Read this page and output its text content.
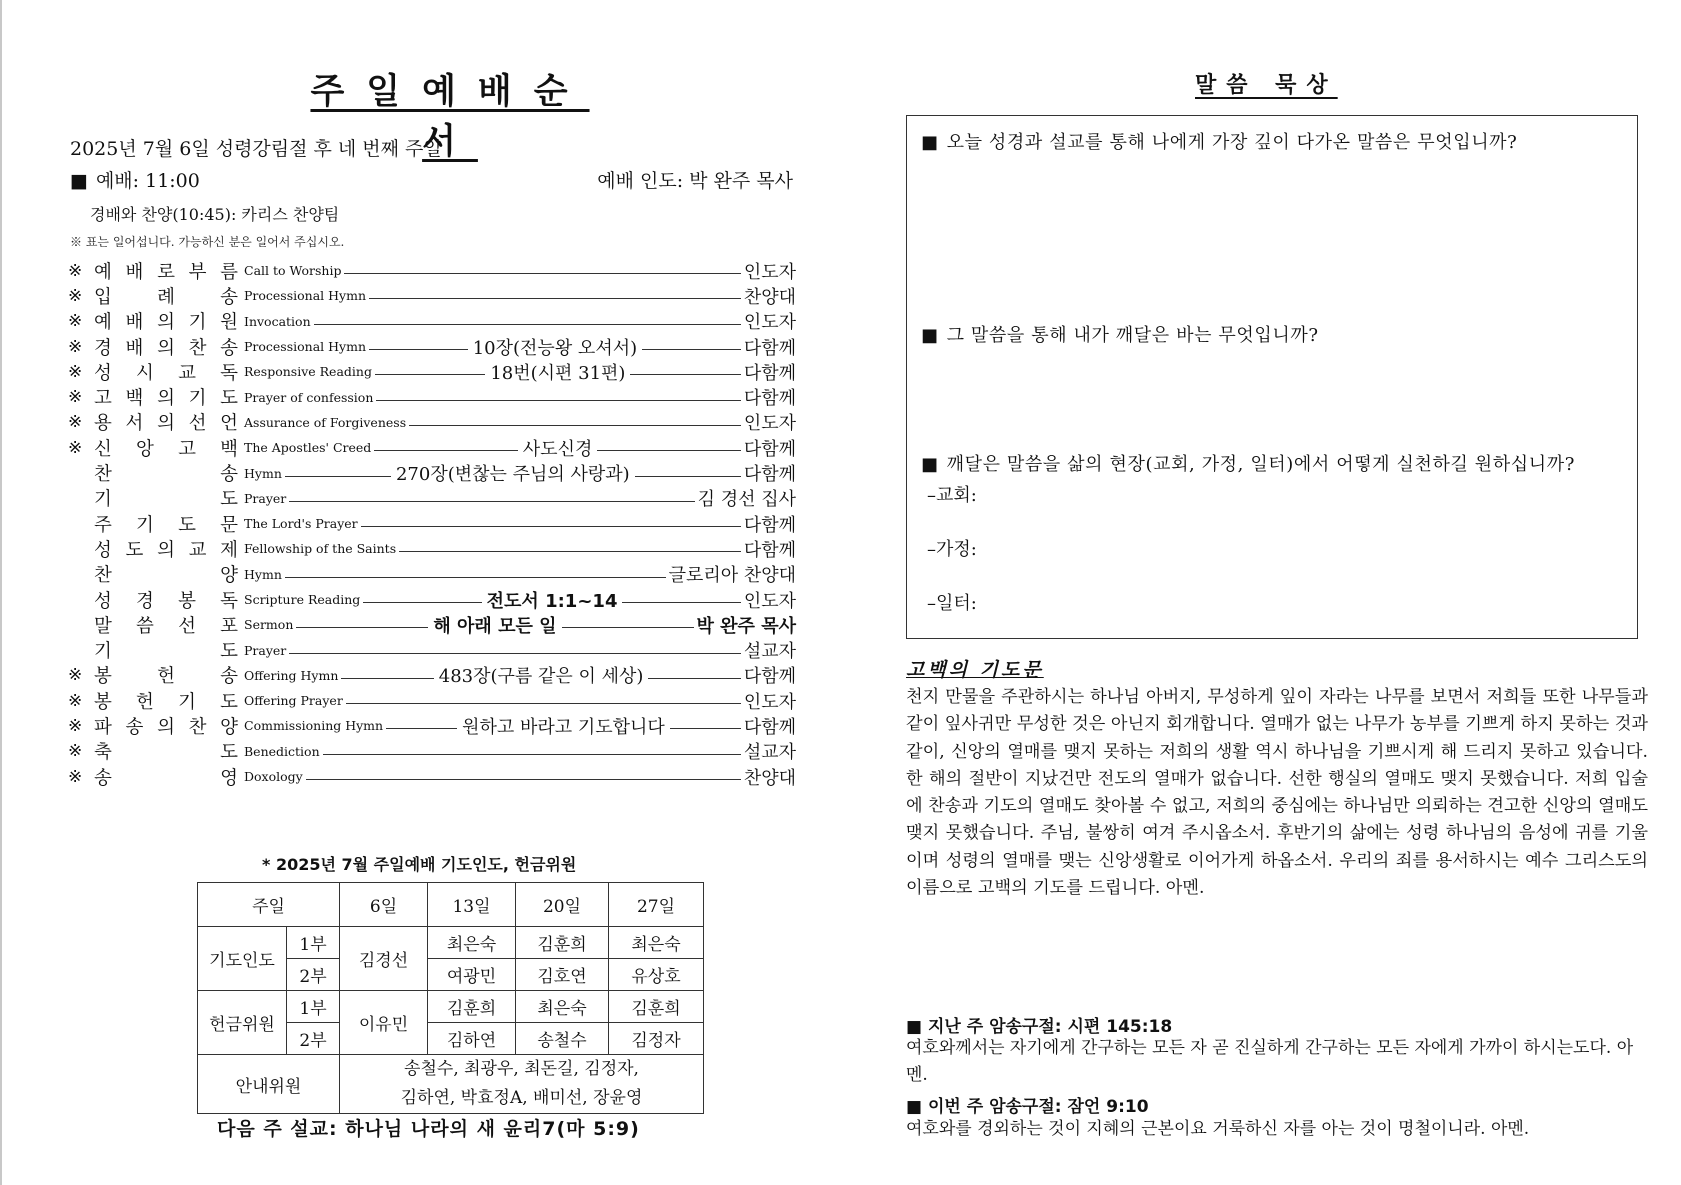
주일예배순서
2025년 7월 6일 성령강림절 후 네 번째 주일
■ 예배: 11:00	예배 인도: 박 완주 목사
경배와 찬양(10:45): 카리스 찬양팀
※ 표는 일어섭니다. 가능하신 분은 일어서 주십시오.
※ 예 배 로 부 름 Call to Worship	인도자
※ 입 례 송 Processional Hymn	찬양대
※ 예 배 의 기 원 Invocation	인도자
※ 경 배 의 찬 송 Processional Hymn	10장(전능왕 오셔서)	다함께
※ 성 시 교 독 Responsive Reading	18번(시편 31편)	다함께
※ 고 백 의 기 도 Prayer of confession	다함께
※ 용 서 의 선 언 Assurance of Forgiveness	인도자
※ 신 앙 고 백 The Apostles' Creed	사도신경	다함께
찬	송 Hymn	270장(변찮는 주님의 사랑과)	다함께
기	도 Prayer	김 경선 집사
주 기 도 문 The Lord's Prayer	다함께
성 도 의 교 제 Fellowship of the Saints	다함께
찬	양 Hymn	글로리아 찬양대
성 경 봉 독 Scripture Reading	전도서 1:1~14	인도자
말 씀 선 포 Sermon	해 아래 모든 일	박 완주 목사
기	도 Prayer	설교자
※ 봉 헌 송 Offering Hymn	483장(구름 같은 이 세상)	다함께
※ 봉 헌 기 도 Offering Prayer	인도자
※ 파 송 의 찬 양 Commissioning Hymn	원하고 바라고 기도합니다	다함께
※ 축	도 Benediction	설교자
※ 송	영 Doxology	찬양대
* 2025년 7월 주일예배 기도인도, 헌금위원
주일		6일	13일	20일	27일
기도인도	1부	김경선	최은숙	김훈희	최은숙
	2부		여광민	김호연	유상호
헌금위원	1부	이유민	김훈희	최은숙	김훈희
	2부		김하연	송철수	김정자
안내위원		송철수, 최광우, 최돈길, 김정자,
김하연, 박효정A, 배미선, 장윤영			
다음 주 설교: 하나님 나라의 새 윤리7(마 5:9)
말씀 묵상
■ 오늘 성경과 설교를 통해 나에게 가장 깊이 다가온 말씀은 무엇입니까?
■ 그 말씀을 통해 내가 깨달은 바는 무엇입니까?
■ 깨달은 말씀을 삶의 현장(교회, 가정, 일터)에서 어떻게 실천하길 원하십니까?
–교회:
–가정:
–일터:
고백의 기도문
천지 만물을 주관하시는 하나님 아버지, 무성하게 잎이 자라는 나무를 보면서 저희들 또한 나무들과 같이 잎사귀만 무성한 것은 아닌지 회개합니다. 열매가 없는 나무가 농부를 기쁘게 하지 못하는 것과 같이, 신앙의 열매를 맺지 못하는 저희의 생활 역시 하나님을 기쁘시게 해 드리지 못하고 있습니다. 한 해의 절반이 지났건만 전도의 열매가 없습니다. 선한 행실의 열매도 맺지 못했습니다. 저희 입술에 찬송과 기도의 열매도 찾아볼 수 없고, 저희의 중심에는 하나님만 의뢰하는 견고한 신앙의 열매도 맺지 못했습니다. 주님, 불쌍히 여겨 주시옵소서. 후반기의 삶에는 성령 하나님의 음성에 귀를 기울이며 성령의 열매를 맺는 신앙생활로 이어가게 하옵소서. 우리의 죄를 용서하시는 예수 그리스도의 이름으로 고백의 기도를 드립니다. 아멘.
■ 지난 주 암송구절: 시편 145:18
여호와께서는 자기에게 간구하는 모든 자 곧 진실하게 간구하는 모든 자에게 가까이 하시는도다. 아멘.
■ 이번 주 암송구절: 잠언 9:10
여호와를 경외하는 것이 지혜의 근본이요 거룩하신 자를 아는 것이 명철이니라. 아멘.
